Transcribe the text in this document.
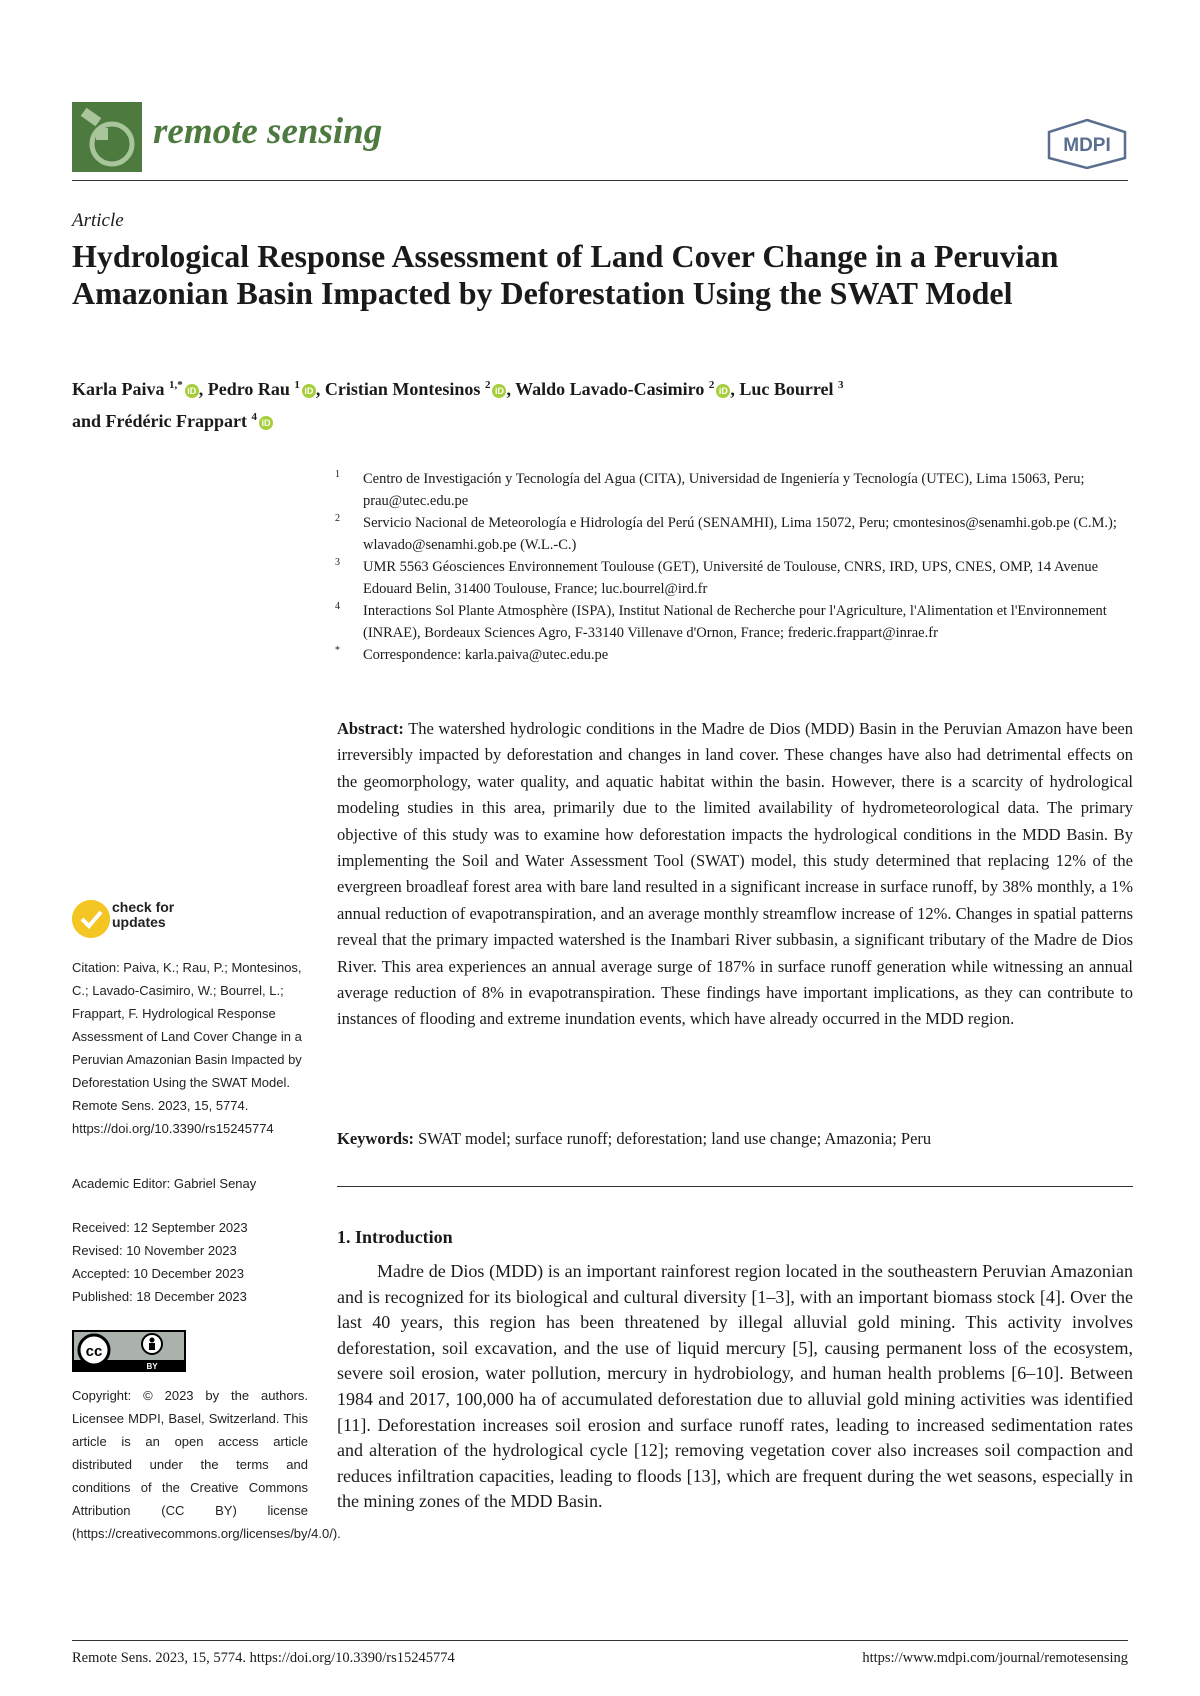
remote sensing	MDPI
Article
Hydrological Response Assessment of Land Cover Change in a Peruvian Amazonian Basin Impacted by Deforestation Using the SWAT Model
Karla Paiva $^{1,*}$ iD , Pedro Rau $^1$ iD , Cristian Montesinos $^2$ iD , Waldo Lavado-Casimiro $^2$ iD , Luc Bourrel $^3$
and Frédéric Frappart $^4$ iD

1 Centro de Investigación y Tecnología del Agua (CITA), Universidad de Ingeniería y Tecnología (UTEC), Lima 15063, Peru; prau@utec.edu.pe

2 Servicio Nacional de Meteorología e Hidrología del Perú (SENAMHI), Lima 15072, Peru; cmontesinos@senamhi.gob.pe (C.M.); wlavado@senamhi.gob.pe (W.L.-C.)

3 UMR 5563 Géosciences Environnement Toulouse (GET), Université de Toulouse, CNRS, IRD, UPS, CNES, OMP, 14 Avenue Edouard Belin, 31400 Toulouse, France; luc.bourrel@ird.fr

4 Interactions Sol Plante Atmosphère (ISPA), Institut National de Recherche pour l'Agriculture, l'Alimentation et l'Environnement (INRAE), Bordeaux Sciences Agro, F-33140 Villenave d'Ornon, France; frederic.frappart@inrae.fr

* Correspondence: karla.paiva@utec.edu.pe

Abstract: The watershed hydrologic conditions in the Madre de Dios (MDD) Basin in the Peruvian Amazon have been irreversibly impacted by deforestation and changes in land cover. These changes have also had detrimental effects on the geomorphology, water quality, and aquatic habitat within the basin. However, there is a scarcity of hydrological modeling studies in this area, primarily due to the limited availability of hydrometeorological data. The primary objective of this study was to examine how deforestation impacts the hydrological conditions in the MDD Basin. By implementing the Soil and Water Assessment Tool (SWAT) model, this study determined that replacing 12% of the evergreen broadleaf forest area with bare land resulted in a significant increase in surface runoff, by 38% monthly, a 1% annual reduction of evapotranspiration, and an average monthly streamflow increase of 12%. Changes in spatial patterns reveal that the primary impacted watershed is the Inambari River subbasin, a significant tributary of the Madre de Dios River. This area experiences an annual average surge of 187% in surface runoff generation while witnessing an annual average reduction of 8% in evapotranspiration. These findings have important implications, as they can contribute to instances of flooding and extreme inundation events, which have already occurred in the MDD region.
Keywords: SWAT model; surface runoff; deforestation; land use change; Amazonia; Peru
1. Introduction
Madre de Dios (MDD) is an important rainforest region located in the southeastern Peruvian Amazonian and is recognized for its biological and cultural diversity [1–3], with an important biomass stock [4]. Over the last 40 years, this region has been threatened by illegal alluvial gold mining. This activity involves deforestation, soil excavation, and the use of liquid mercury [5], causing permanent loss of the ecosystem, severe soil erosion, water pollution, mercury in hydrobiology, and human health problems [6–10]. Between 1984 and 2017, 100,000 ha of accumulated deforestation due to alluvial gold mining activities was identified [11]. Deforestation increases soil erosion and surface runoff rates, leading to increased sedimentation rates and alteration of the hydrological cycle [12]; removing vegetation cover also increases soil compaction and reduces infiltration capacities, leading to floods [13], which are frequent during the wet seasons, especially in the mining zones of the MDD Basin.
check for updates
Citation: Paiva, K.; Rau, P.; Montesinos, C.; Lavado-Casimiro, W.; Bourrel, L.; Frappart, F. Hydrological Response Assessment of Land Cover Change in a Peruvian Amazonian Basin Impacted by Deforestation Using the SWAT Model. Remote Sens. 2023, 15, 5774. https://doi.org/10.3390/rs15245774
Academic Editor: Gabriel Senay
Received: 12 September 2023
Revised: 10 November 2023
Accepted: 10 December 2023
Published: 18 December 2023
cc
BY
Copyright: © 2023 by the authors. Licensee MDPI, Basel, Switzerland. This article is an open access article distributed under the terms and conditions of the Creative Commons Attribution (CC BY) license (https://creativecommons.org/licenses/by/4.0/).
Remote Sens. 2023, 15, 5774. https://doi.org/10.3390/rs15245774	https://www.mdpi.com/journal/remotesensing
